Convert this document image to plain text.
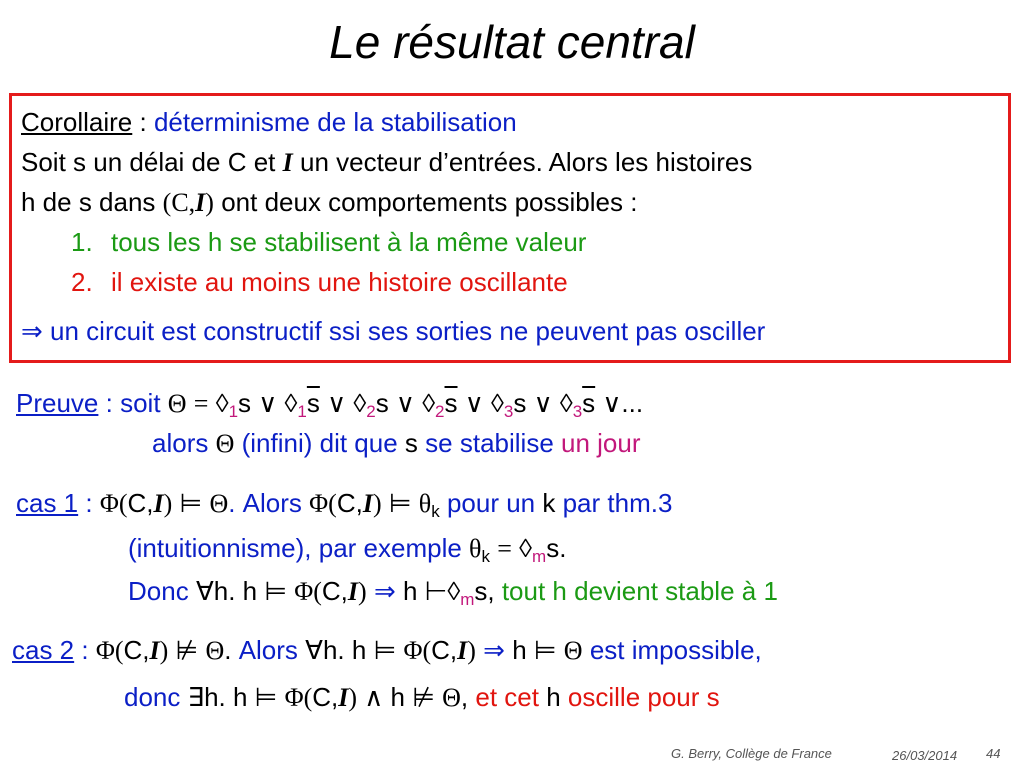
Le résultat central
Corollaire : déterminisme de la stabilisation
Soit s un délai de C et I un vecteur d’entrées. Alors les histoires
h de s dans (C,I) ont deux comportements possibles :
1. tous les h se stabilisent à la même valeur
2. il existe au moins une histoire oscillante
⇒ un circuit est constructif ssi ses sorties ne peuvent pas osciller
Preuve : soit $\Theta = ◊_1s$ ∨ $◊_1\overline{s}$ ∨ $◊_2s$ ∨ $◊_2\overline{s}$ ∨ $◊_3s$ ∨ $◊_3\overline{s}$ ∨...
alors Θ (infini) dit que s se stabilise un jour
cas 1 : Φ(C,I) ⊨ Θ. Alors Φ(C,I) ⊨ $\theta_k$ pour un k par thm.3
(intuitionnisme), par exemple $\theta_k$ = $◊_ms$.
Donc ∀h. h ⊨ Φ(C,I) ⇒ h $⊢◊_ms$, tout h devient stable à 1
cas 2 : Φ(C,I) ⊭ Θ. Alors ∀h. h ⊨ Φ(C,I) ⇒ h ⊨ Θ est impossible,
donc ∃h. h ⊨ Φ(C,I) ∧ h ⊭ Θ, et cet h oscille pour s
G. Berry, Collège de France	26/03/2014 44
